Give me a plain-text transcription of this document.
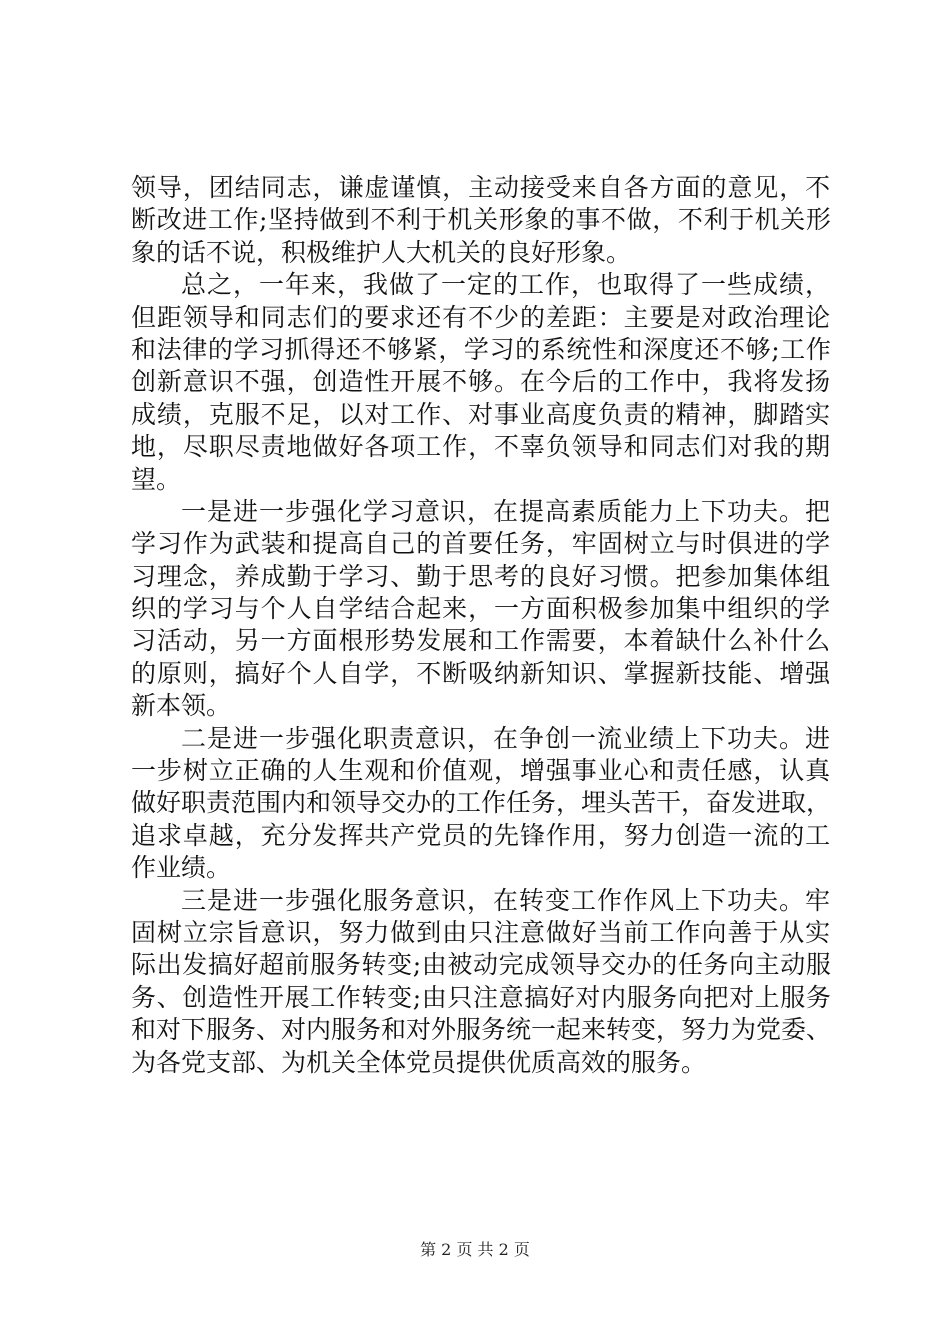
领导，团结同志，谦虚谨慎，主动接受来自各方面的意见，不
断改进工作;坚持做到不利于机关形象的事不做，不利于机关形
象的话不说，积极维护人大机关的良好形象。
总之，一年来，我做了一定的工作，也取得了一些成绩，
但距领导和同志们的要求还有不少的差距：主要是对政治理论
和法律的学习抓得还不够紧，学习的系统性和深度还不够;工作
创新意识不强，创造性开展不够。在今后的工作中，我将发扬
成绩，克服不足，以对工作、对事业高度负责的精神，脚踏实
地，尽职尽责地做好各项工作，不辜负领导和同志们对我的期
望。
一是进一步强化学习意识，在提高素质能力上下功夫。把
学习作为武装和提高自己的首要任务，牢固树立与时俱进的学
习理念，养成勤于学习、勤于思考的良好习惯。把参加集体组
织的学习与个人自学结合起来，一方面积极参加集中组织的学
习活动，另一方面根形势发展和工作需要，本着缺什么补什么
的原则，搞好个人自学，不断吸纳新知识、掌握新技能、增强
新本领。
二是进一步强化职责意识，在争创一流业绩上下功夫。进
一步树立正确的人生观和价值观，增强事业心和责任感，认真
做好职责范围内和领导交办的工作任务，埋头苦干，奋发进取，
追求卓越，充分发挥共产党员的先锋作用，努力创造一流的工
作业绩。
三是进一步强化服务意识，在转变工作作风上下功夫。牢
固树立宗旨意识，努力做到由只注意做好当前工作向善于从实
际出发搞好超前服务转变;由被动完成领导交办的任务向主动服
务、创造性开展工作转变;由只注意搞好对内服务向把对上服务
和对下服务、对内服务和对外服务统一起来转变，努力为党委、
为各党支部、为机关全体党员提供优质高效的服务。
第 2 页 共 2 页
